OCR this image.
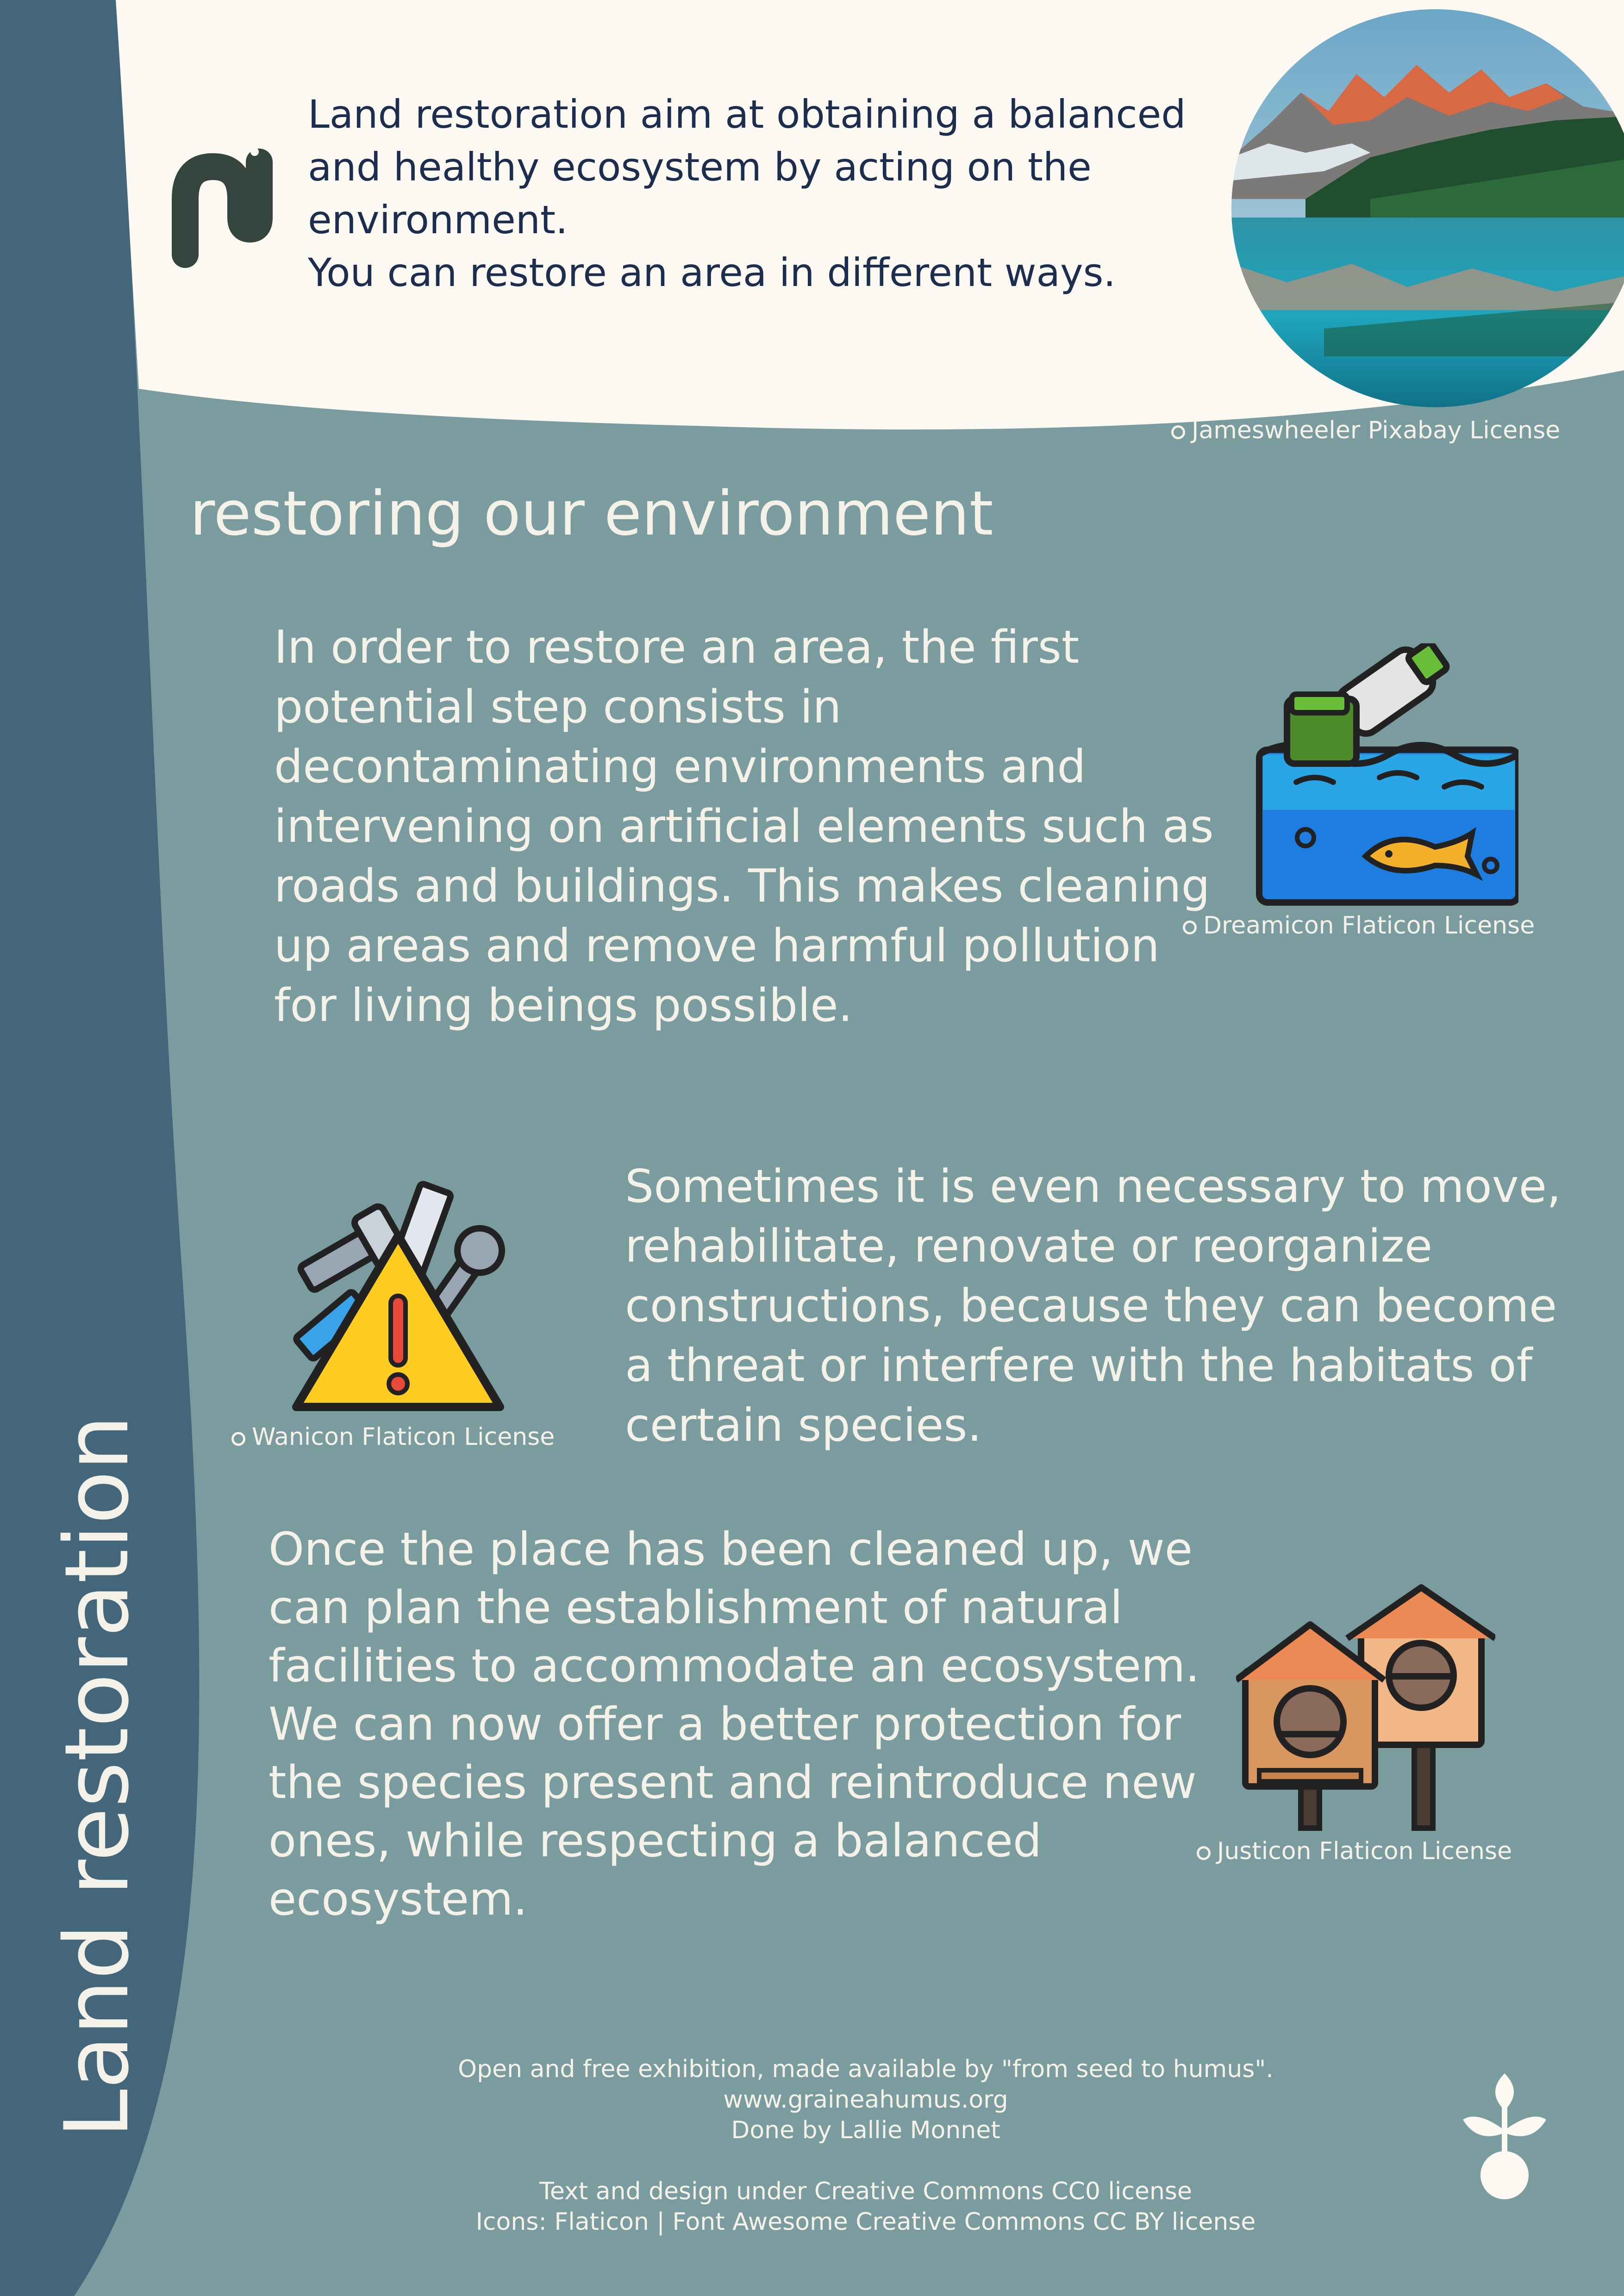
Land restoration aim at obtaining a balanced
and healthy ecosystem by acting on the
environment.
You can restore an area in different ways.
Jameswheeler Pixabay License
restoring our environment
In order to restore an area, the first
potential step consists in
decontaminating environments and
intervening on artificial elements such as
roads and buildings. This makes cleaning
up areas and remove harmful pollution
for living beings possible.
Dreamicon Flaticon License
Wanicon Flaticon License
Sometimes it is even necessary to move,
rehabilitate, renovate or reorganize
constructions, because they can become
a threat or interfere with the habitats of
certain species.
Once the place has been cleaned up, we
can plan the establishment of natural
facilities to accommodate an ecosystem.
We can now offer a better protection for
the species present and reintroduce new
ones, while respecting a balanced
ecosystem.
Justicon Flaticon License
Land restoration	Open and free exhibition, made available by "from seed to humus".
www.graineahumus.org
Done by Lallie Monnet
Text and design under Creative Commons CC0 license
Icons: Flaticon | Font Awesome Creative Commons CC BY license
